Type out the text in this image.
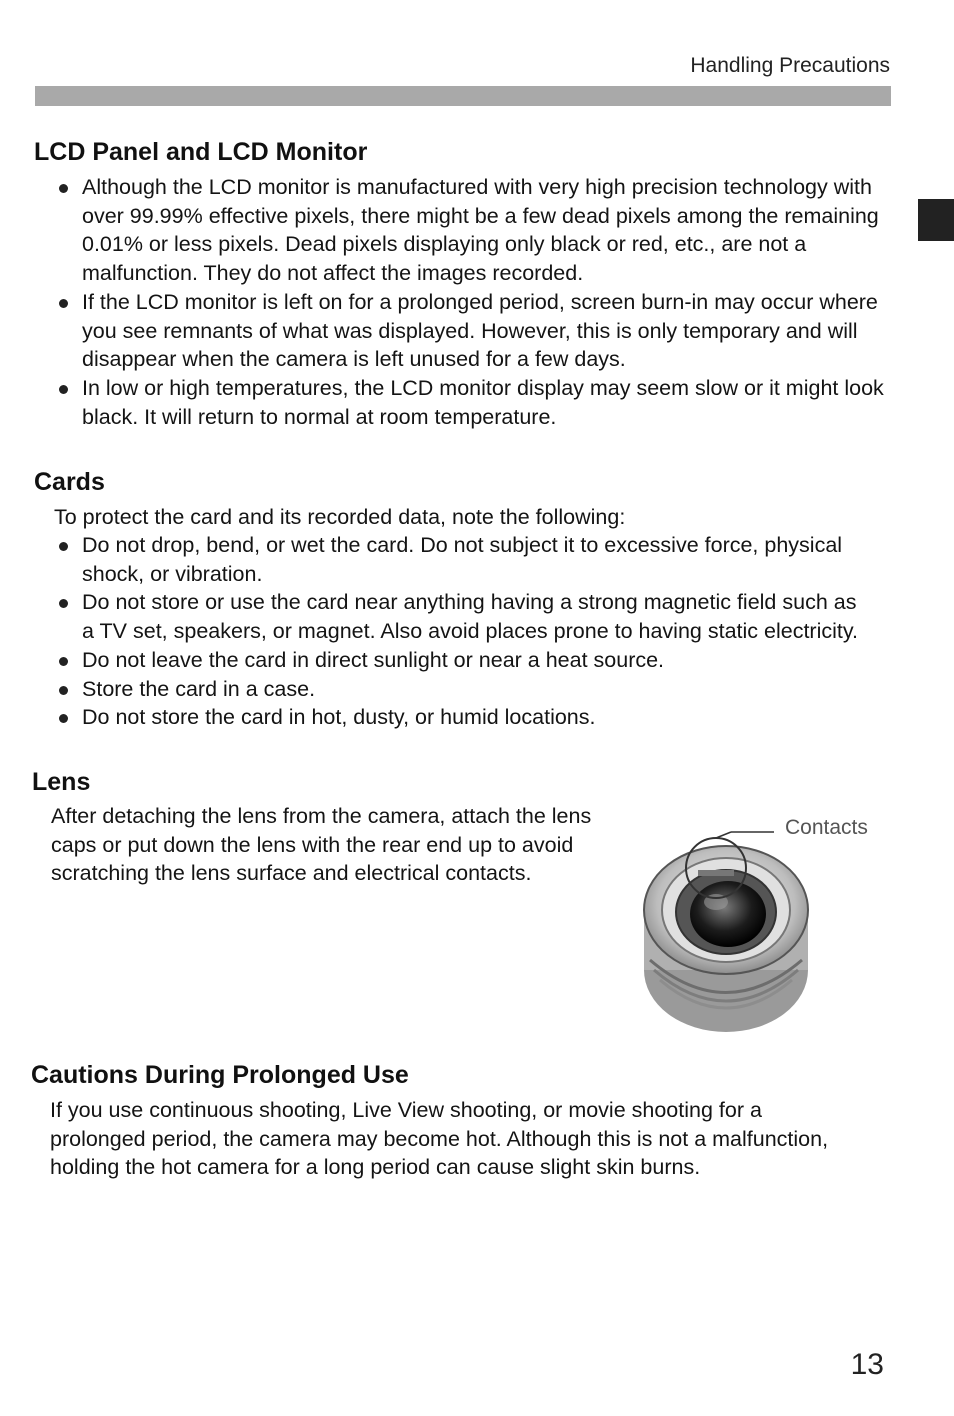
Handling Precautions
LCD Panel and LCD Monitor
Although the LCD monitor is manufactured with very high precision technology with over 99.99% effective pixels, there might be a few dead pixels among the remaining 0.01% or less pixels. Dead pixels displaying only black or red, etc., are not a malfunction. They do not affect the images recorded.
If the LCD monitor is left on for a prolonged period, screen burn-in may occur where you see remnants of what was displayed. However, this is only temporary and will disappear when the camera is left unused for a few days.
In low or high temperatures, the LCD monitor display may seem slow or it might look black. It will return to normal at room temperature.
Cards
To protect the card and its recorded data, note the following:
Do not drop, bend, or wet the card. Do not subject it to excessive force, physical shock, or vibration.
Do not store or use the card near anything having a strong magnetic field such as a TV set, speakers, or magnet. Also avoid places prone to having static electricity.
Do not leave the card in direct sunlight or near a heat source.
Store the card in a case.
Do not store the card in hot, dusty, or humid locations.
Lens
After detaching the lens from the camera, attach the lens caps or put down the lens with the rear end up to avoid scratching the lens surface and electrical contacts.
Contacts
Cautions During Prolonged Use
If you use continuous shooting, Live View shooting, or movie shooting for a prolonged period, the camera may become hot. Although this is not a malfunction, holding the hot camera for a long period can cause slight skin burns.
13
